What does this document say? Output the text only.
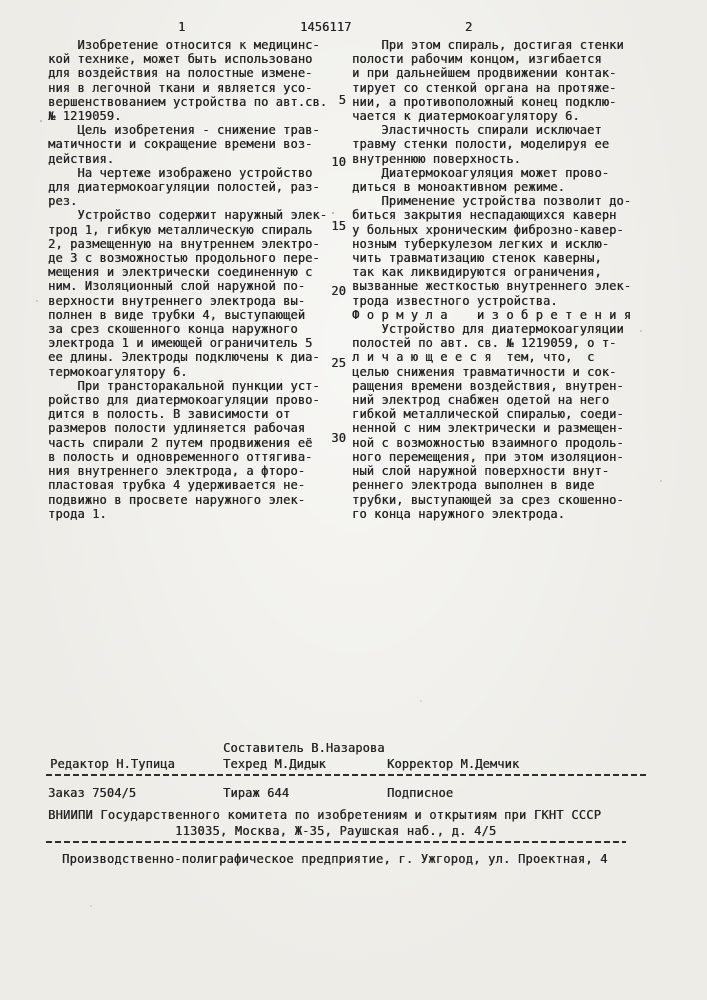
1	1456117	2
Изобретение относится к медицинс-
кой технике, может быть использовано
для воздействия на полостные измене-
ния в легочной ткани и является усо-
вершенствованием устройства по авт.св.
№ 1219059.
Цель изобретения - снижение трав-
матичности и сокращение времени воз-
действия.
На чертеже изображено устройство
для диатермокоагуляции полостей, раз-
рез.
Устройство содержит наружный элек-
трод 1, гибкую металлическую спираль
2, размещенную на внутреннем электро-
де 3 с возможностью продольного пере-
мещения и электрически соединенную с
ним. Изоляционный слой наружной по-
верхности внутреннего электрода вы-
полнен в виде трубки 4, выступающей
за срез скошенного конца наружного
электрода 1 и имеющей ограничитель 5
ее длины. Электроды подключены к диа-
термокоагулятору 6.
При трансторакальной пункции уст-
ройство для диатермокоагуляции прово-
дится в полость. В зависимости от
размеров полости удлиняется рабочая
часть спирали 2 путем продвижения её
в полость и одновременного оттягива-
ния внутреннего электрода, а фторо-
пластовая трубка 4 удерживается не-
подвижно в просвете наружного элек-
трода 1.
При этом спираль, достигая стенки
полости рабочим концом, изгибается
и при дальнейшем продвижении контак-
тирует со стенкой органа на протяже-
нии, а противоположный конец подклю-
чается к диатермокоагулятору 6.
Эластичность спирали исключает
травму стенки полости, моделируя ее
внутреннюю поверхность.
Диатермокоагуляция может прово-
диться в моноактивном режиме.
Применение устройства позволит до-
биться закрытия неспадающихся каверн
у больных хроническим фиброзно-кавер-
нозным туберкулезом легких и исклю-
чить травматизацию стенок каверны,
так как ликвидируются ограничения,
вызванные жесткостью внутреннего элек-
трода известного устройства.
Ф о р м у л а    и з о б р е т е н и я
Устройство для диатермокоагуляции
полостей по авт. св. № 1219059, о т-
л и ч а ю щ е е с я  тем, что,  с
целью снижения травматичности и сок-
ращения времени воздействия, внутрен-
ний электрод снабжен одетой на него
гибкой металлической спиралью, соеди-
ненной с ним электрически и размещен-
ной с возможностью взаимного продоль-
ного перемещения, при этом изоляцион-
ный слой наружной поверхности внут-
реннего электрода выполнен в виде
трубки, выступающей за срез скошенно-
го конца наружного электрода.
5
10
15
20
25
30
Составитель В.Назарова
Редактор Н.Тупица	Техред М.Дидык	Корректор М.Демчик
Заказ 7504/5	Тираж 644	Подписное
ВНИИПИ Государственного комитета по изобретениям и открытиям при ГКНТ СССР
113035, Москва, Ж-35, Раушская наб., д. 4/5
Производственно-полиграфическое предприятие, г. Ужгород, ул. Проектная, 4
